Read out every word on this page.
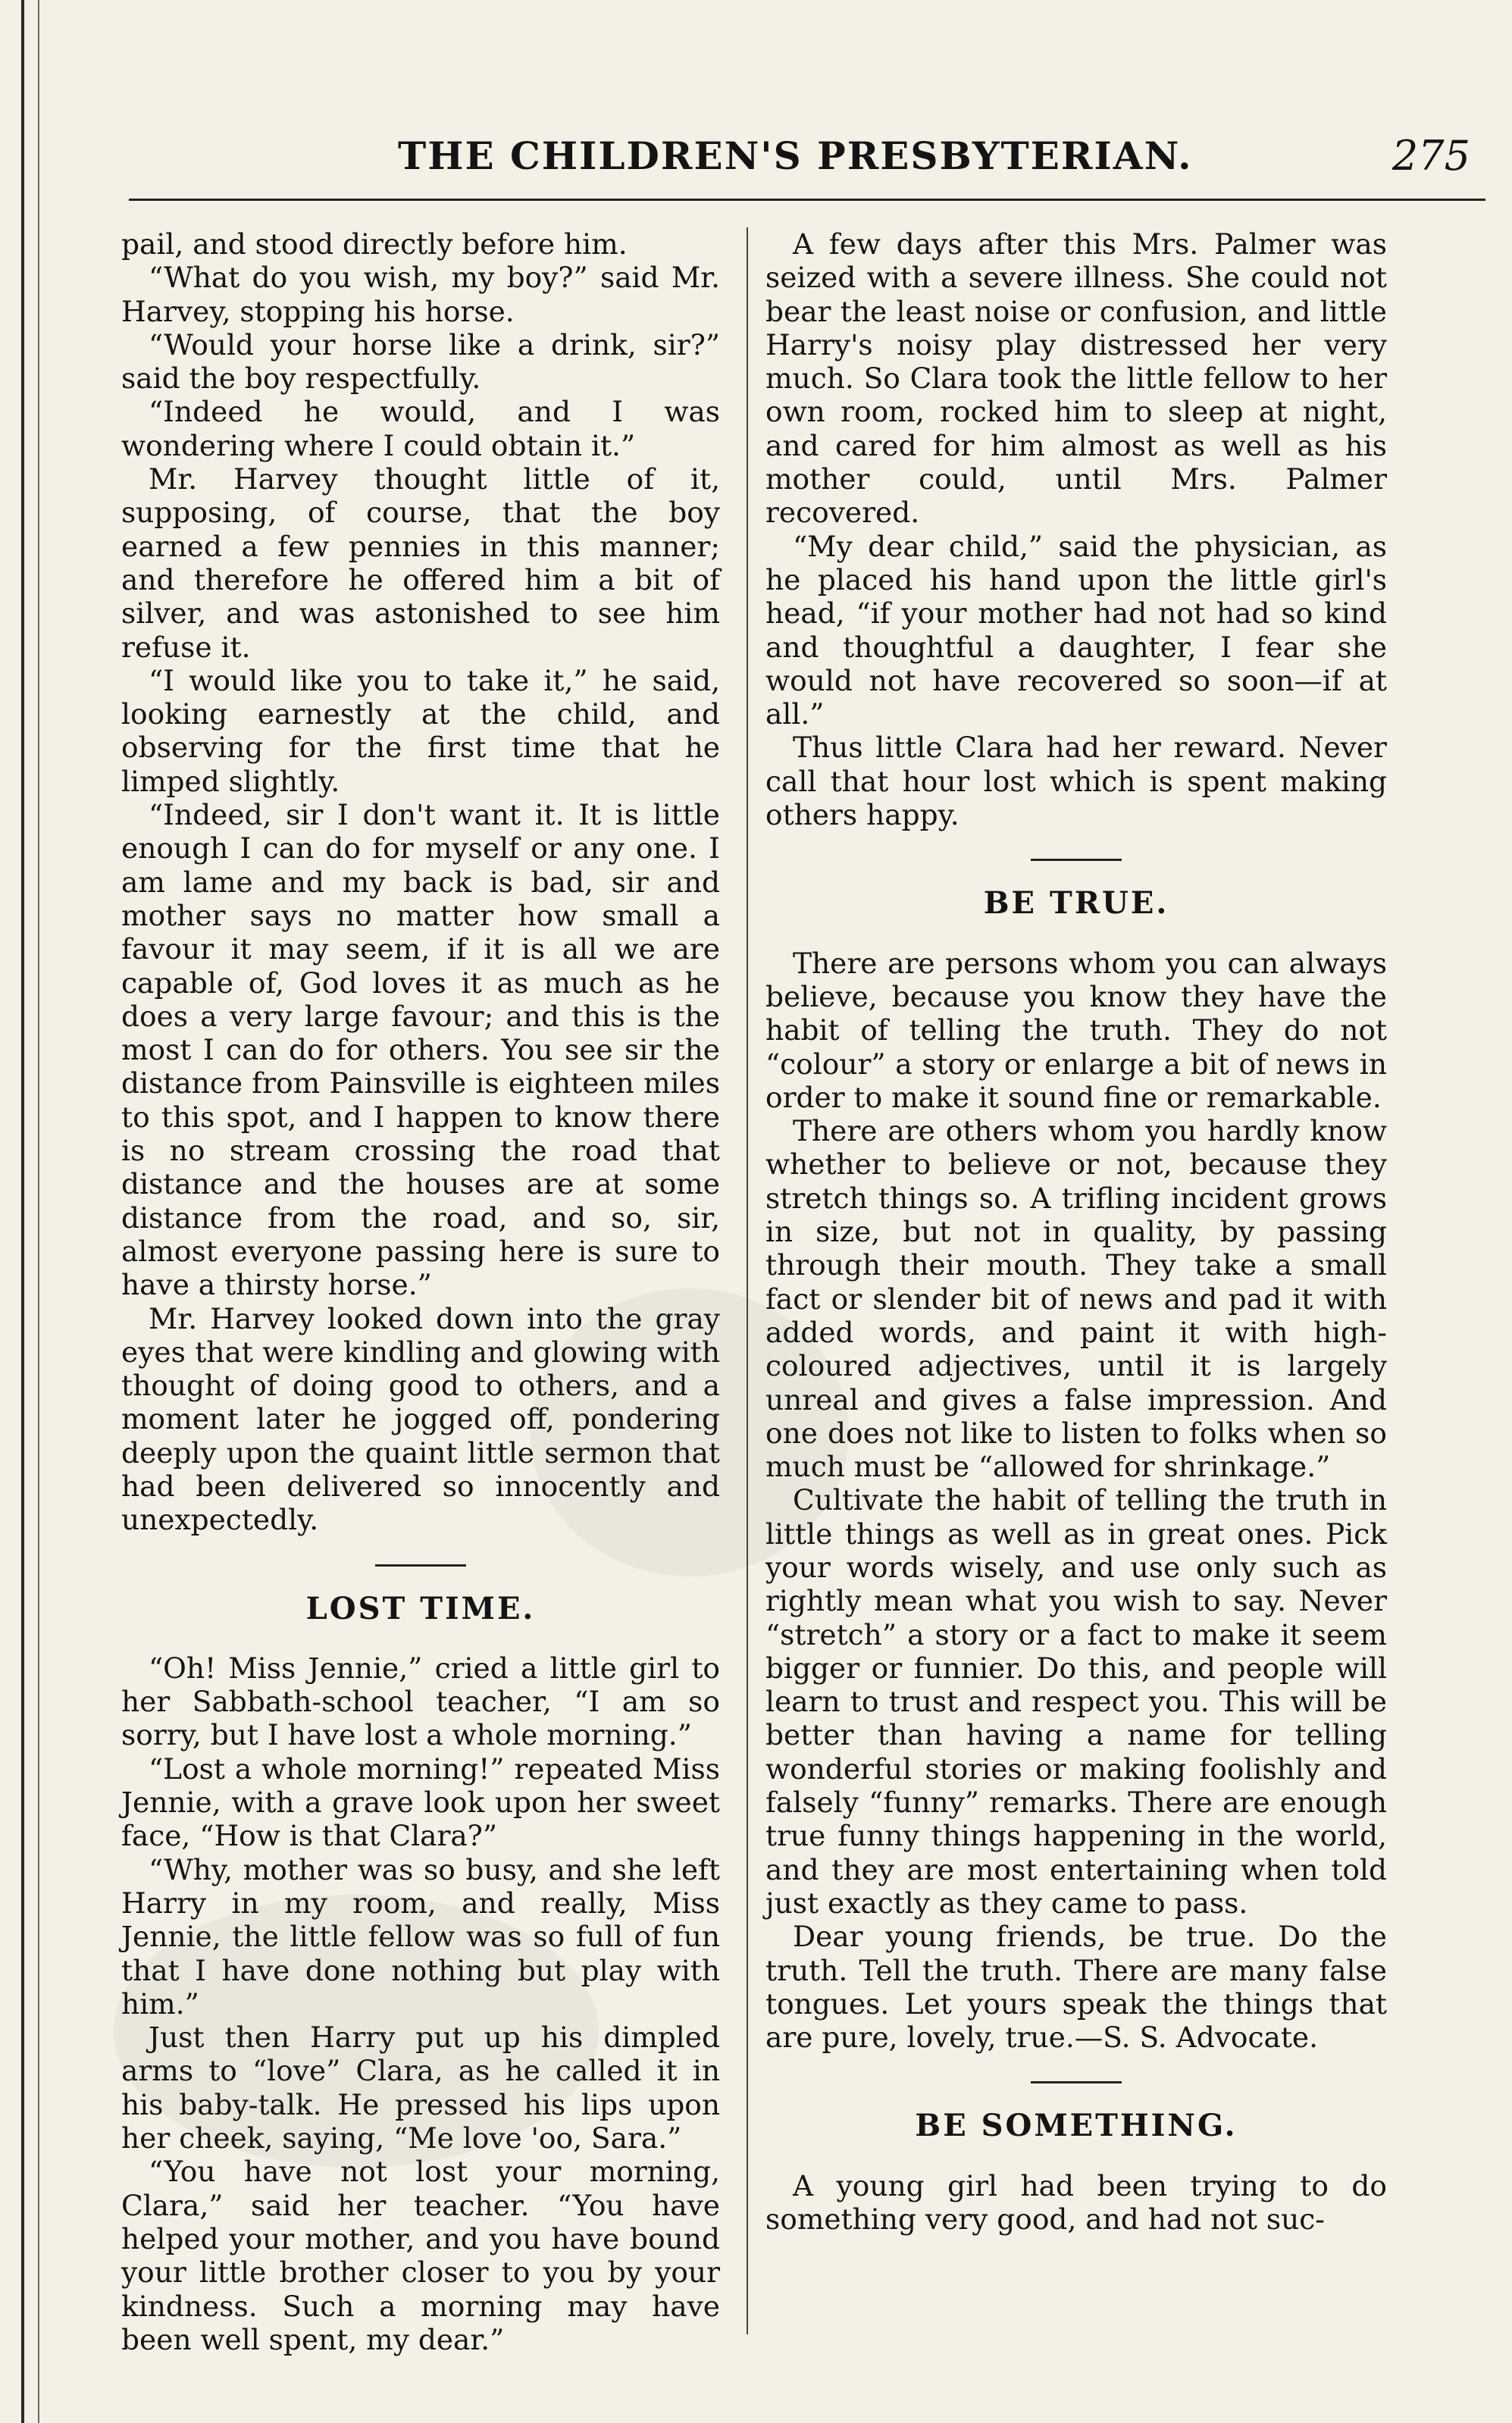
THE CHILDREN'S PRESBYTERIAN.	275

pail, and stood directly before him.

“What do you wish, my boy?” said Mr. Harvey, stopping his horse.

“Would your horse like a drink, sir?” said the boy respectfully.

“Indeed he would, and I was wondering where I could obtain it.”

Mr. Harvey thought little of it, supposing, of course, that the boy earned a few pennies in this manner; and therefore he offered him a bit of silver, and was astonished to see him refuse it.

“I would like you to take it,” he said, looking earnestly at the child, and observing for the first time that he limped slightly.

“Indeed, sir I don't want it. It is little enough I can do for myself or any one. I am lame and my back is bad, sir and mother says no matter how small a favour it may seem, if it is all we are capable of, God loves it as much as he does a very large favour; and this is the most I can do for others. You see sir the distance from Painsville is eighteen miles to this spot, and I happen to know there is no stream crossing the road that distance and the houses are at some distance from the road, and so, sir, almost everyone passing here is sure to have a thirsty horse.”

Mr. Harvey looked down into the gray eyes that were kindling and glowing with thought of doing good to others, and a moment later he jogged off, pondering deeply upon the quaint little sermon that had been delivered so innocently and unexpectedly.

LOST TIME.

“Oh! Miss Jennie,” cried a little girl to her Sabbath-school teacher, “I am so sorry, but I have lost a whole morning.”

“Lost a whole morning!” repeated Miss Jennie, with a grave look upon her sweet face, “How is that Clara?”

“Why, mother was so busy, and she left Harry in my room, and really, Miss Jennie, the little fellow was so full of fun that I have done nothing but play with him.”

Just then Harry put up his dimpled arms to “love” Clara, as he called it in his baby-talk. He pressed his lips upon her cheek, saying, “Me love 'oo, Sara.”

“You have not lost your morning, Clara,” said her teacher. “You have helped your mother, and you have bound your little brother closer to you by your kindness. Such a morning may have been well spent, my dear.”

A few days after this Mrs. Palmer was seized with a severe illness. She could not bear the least noise or confusion, and little Harry's noisy play distressed her very much. So Clara took the little fellow to her own room, rocked him to sleep at night, and cared for him almost as well as his mother could, until Mrs. Palmer recovered.

“My dear child,” said the physician, as he placed his hand upon the little girl's head, “if your mother had not had so kind and thoughtful a daughter, I fear she would not have recovered so soon—if at all.”

Thus little Clara had her reward. Never call that hour lost which is spent making others happy.

BE TRUE.

There are persons whom you can always believe, because you know they have the habit of telling the truth. They do not “colour” a story or enlarge a bit of news in order to make it sound fine or remarkable.

There are others whom you hardly know whether to believe or not, because they stretch things so. A trifling incident grows in size, but not in quality, by passing through their mouth. They take a small fact or slender bit of news and pad it with added words, and paint it with high-coloured adjectives, until it is largely unreal and gives a false impression. And one does not like to listen to folks when so much must be “allowed for shrinkage.”

Cultivate the habit of telling the truth in little things as well as in great ones. Pick your words wisely, and use only such as rightly mean what you wish to say. Never “stretch” a story or a fact to make it seem bigger or funnier. Do this, and people will learn to trust and respect you. This will be better than having a name for telling wonderful stories or making foolishly and falsely “funny” remarks. There are enough true funny things happening in the world, and they are most entertaining when told just exactly as they came to pass.

Dear young friends, be true. Do the truth. Tell the truth. There are many false tongues. Let yours speak the things that are pure, lovely, true.—S. S. Advocate.

BE SOMETHING.

A young girl had been trying to do something very good, and had not suc-
